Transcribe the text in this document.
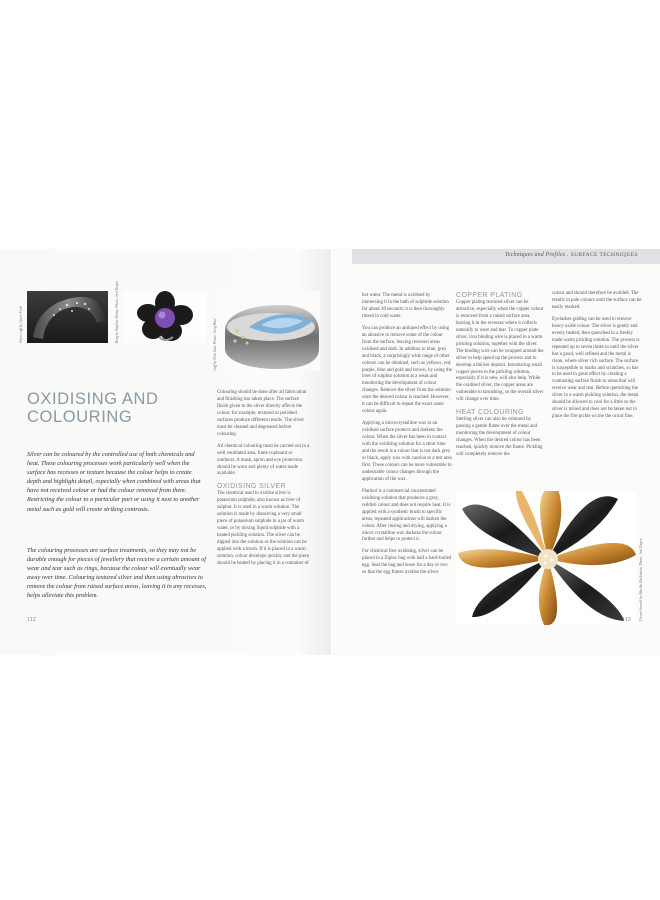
Techniques and Profiles. SURFACE TECHNIQUES
Silver cuff by Claire Ford	Ring by Stephen Winter. Photo: Joel Degen
Cuff by Nick Sam. Photo: Greg Hart
OXIDISING AND
COLOURING
Silver can be coloured by the controlled use of both chemicals and heat. These colouring processes work particularly well when the surface has recesses or texture because the colour helps to create depth and highlight detail, especially when combined with areas that have not received colour or had the colour removed from them. Restricting the colour to a particular part or using it next to another metal such as gold will create striking contrasts.
The colouring processes are surface treatments, so they may not be durable enough for pieces of jewellery that receive a certain amount of wear and tear such as rings, because the colour will eventually wear away over time. Colouring textured silver and then using abrasives to remove the colour from raised surface areas, leaving it in any recesses, helps alleviate this problem.

Colouring should be done after all fabrication and finishing has taken place. The surface finish given to the silver directly affects the colour, for example, textured or polished surfaces produce different results. The silver must be cleaned and degreased before colouring.

All chemical colouring must be carried out in a well ventilated area, fume cupboard or outdoors. A mask, apron and eye protection should be worn and plenty of water made available.

OXIDISING SILVER

The chemical used to oxidise silver is potassium sulphide, also known as liver of sulphur. It is used in a warm solution. The solution is made by dissolving a very small piece of potassium sulphide in a jar of warm water, or by mixing liquid sulphide with a heated pickling solution. The silver can be dipped into the solution or the solution can be applied with a brush. If it is placed in a warm solution, colour develops quickly and the piece should be heated by placing it in a container of

112

hot water. The metal is oxidised by immersing it in the bath of sulphide solution for about 30 seconds; it is then thoroughly rinsed in cold water.

You can produce an antiqued effect by using an abrasive to remove some of the colour from the surface, leaving recessed areas oxidised and dark. In addition to blue, grey and black, a surprisingly wide range of other colours can be obtained, such as yellows, red, purple, blue and gold and brown, by using the liver of sulphur solution at a weak and monitoring the development of colour changes. Remove the silver from the solution once the desired colour is reached. However, it can be difficult to repeat the exact same colour again.

Applying a microcrystalline wax to an oxidised surface protects and darkens the colour. When the silver has been in contact with the oxidising solution for a short time and the result is a colour that is not dark grey or black, apply wax with caution to a test area first. These colours can be more vulnerable to undesirable colour changes through the application of the wax.

Platinol is a commercial concentrated oxidising solution that produces a grey, reddish colour and does not require heat. It is applied with a synthetic brush to specific areas, repeated applications will darken the colour. After rinsing and drying, applying a micro crystalline wax darkens the colour further and helps to protect it.

For chemical free oxidising, silver can be placed in a Ziploc bag with half a hard-boiled egg. Seal the bag and leave for a day or two so that the egg fumes oxidise the silver.

COPPER PLATING

Copper plating textured silver can be attractive, especially when the copper colour is removed from a raised surface area, leaving it in the recesses where it collects naturally to wear and tear. To copper plate silver, iron binding wire is placed in a warm pickling solution, together with the silver. The binding wire can be wrapped around the silver to help speed up the process and to develop a thicker deposit. Introducing small copper pieces to the pickling solution, especially if it is new, will also help. While the oxidised silver, the copper areas are vulnerable to tarnishing, so the overall silver will change over time.

HEAT COLOURING

Sterling silver can also be coloured by passing a gentle flame over the metal and monitoring the development of colour changes. When the desired colour has been reached, quickly remove the flame. Pickling will completely remove the

colour and should therefore be avoided. The results in pale colours until the surface can be easily marked.

Eyelashes gilding can be used to remove heavy oxide colour. The silver is gently and evenly heated, then quenched in a freshly made warm pickling solution. The process is repeated up to seven times to until the silver has a good, well refined and the metal is clean, where silver rich surface. The surface is susceptible to marks and scratches, so has to be used in great effect by creating a contrasting surface finish to areas that will receive wear and tear. Before quenching the silver in a warm pickling solution, the metal should be allowed to cool for a little so the silver is mixed and does not be taken out to place the fire pickle on the the orical fine.

Flower brooch by Mariko Hashimoto. Photo: Joel Degen
113
